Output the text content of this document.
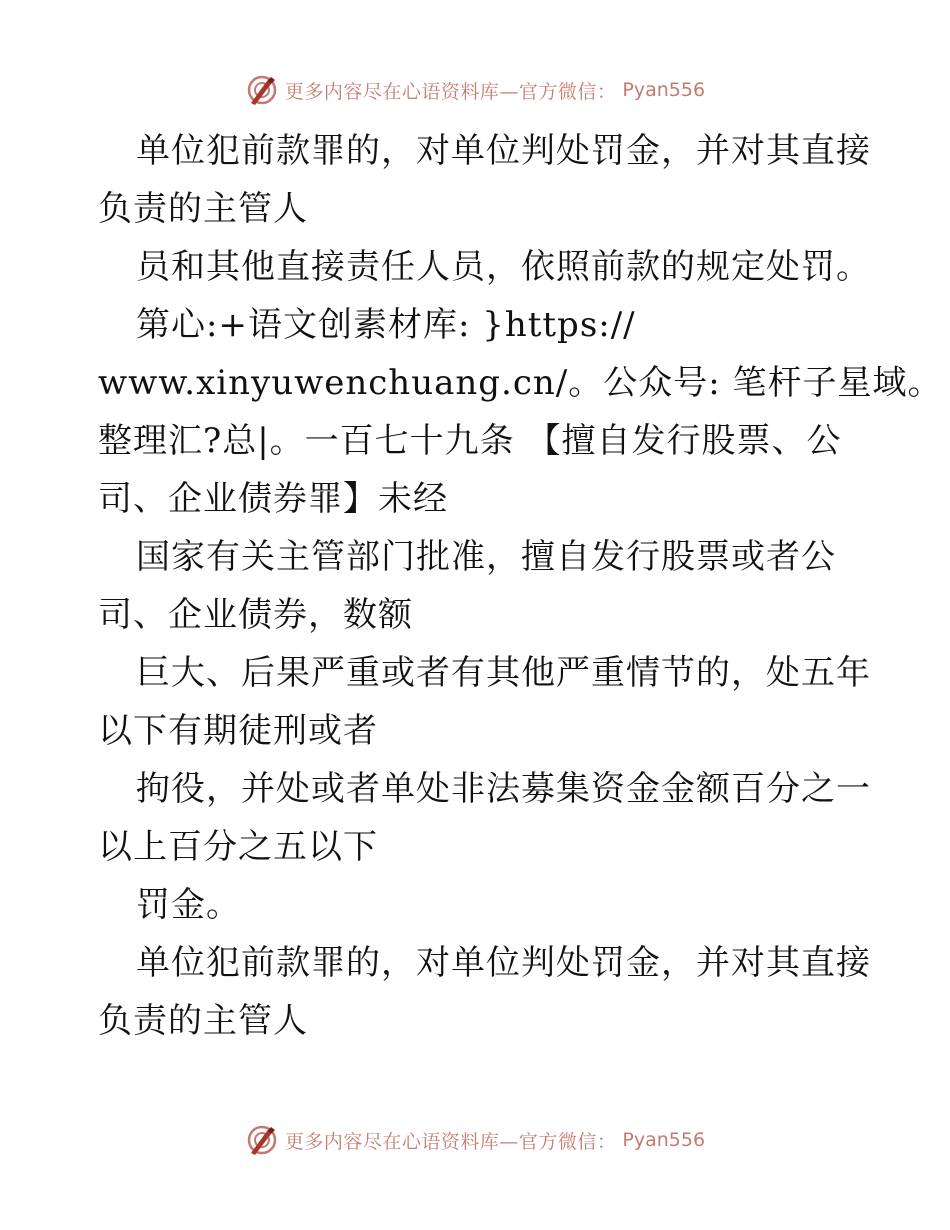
更多内容尽在心语资料库—官方微信： Pyan556
单位犯前款罪的，对单位判处罚金，并对其直接
负责的主管人
员和其他直接责任人员，依照前款的规定处罚。
第心:+语文创素材库: }https://
www.xinyuwenchuang.cn/。公众号: 笔杆子星域。
整理汇?总|。一百七十九条 【擅自发行股票、公
司、企业债券罪】未经
国家有关主管部门批准，擅自发行股票或者公
司、企业债券，数额
巨大、后果严重或者有其他严重情节的，处五年
以下有期徒刑或者
拘役，并处或者单处非法募集资金金额百分之一
以上百分之五以下
罚金。
单位犯前款罪的，对单位判处罚金，并对其直接
负责的主管人
更多内容尽在心语资料库—官方微信： Pyan556
